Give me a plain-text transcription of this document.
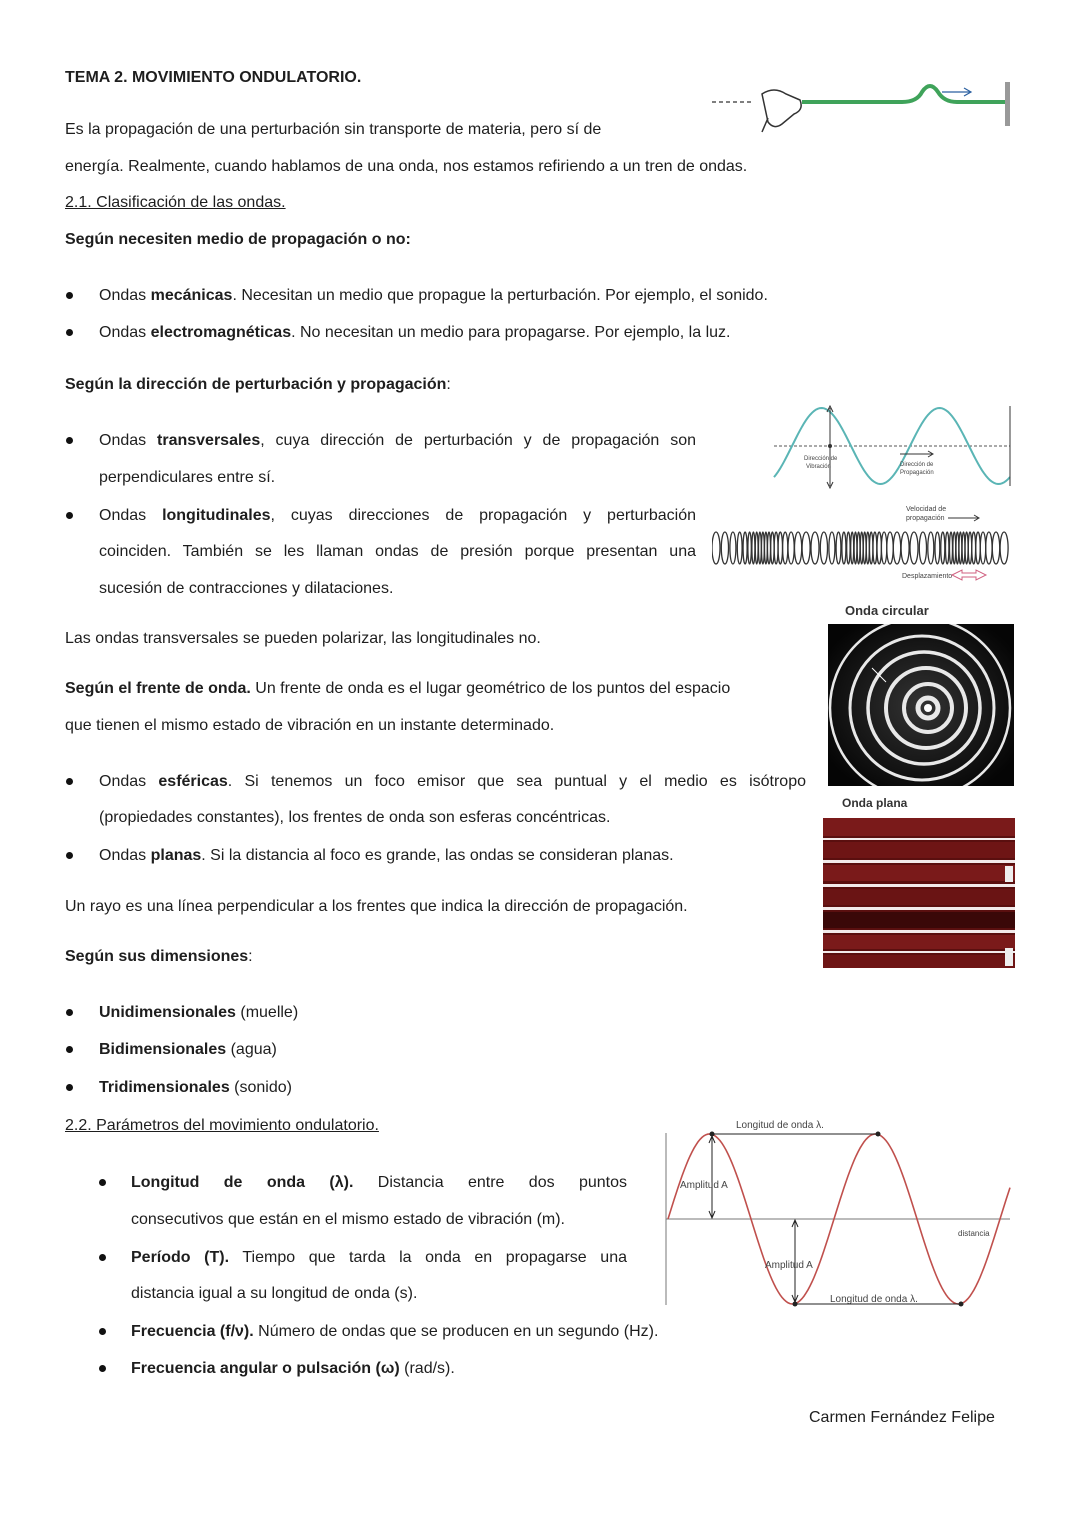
TEMA 2. MOVIMIENTO ONDULATORIO.
Es la propagación de una perturbación sin transporte de materia, pero sí de
energía. Realmente, cuando hablamos de una onda, nos estamos refiriendo a un tren de ondas.
2.1. Clasificación de las ondas.
Según necesiten medio de propagación o no:
Ondas mecánicas. Necesitan un medio que propague la perturbación. Por ejemplo, el sonido.
Ondas electromagnéticas. No necesitan un medio para propagarse. Por ejemplo, la luz.
Según la dirección de perturbación y propagación:
Ondas transversales, cuya dirección de perturbación y de propagación son
perpendiculares entre sí.
Dirección de
Vibración	Dirección de
Propagación
Ondas longitudinales, cuyas direcciones de propagación y perturbación
coinciden. También se les llaman ondas de presión porque presentan una
sucesión de contracciones y dilataciones.
Velocidad de
propagación
Desplazamiento
Onda circular
Las ondas transversales se pueden polarizar, las longitudinales no.
Según el frente de onda. Un frente de onda es el lugar geométrico de los puntos del espacio
que tienen el mismo estado de vibración en un instante determinado.
Ondas esféricas. Si tenemos un foco emisor que sea puntual y el medio es isótropo
(propiedades constantes), los frentes de onda son esferas concéntricas.
Onda plana
Ondas planas. Si la distancia al foco es grande, las ondas se consideran planas.
Un rayo es una línea perpendicular a los frentes que indica la dirección de propagación.
Según sus dimensiones:
Unidimensionales (muelle)
Bidimensionales (agua)
Tridimensionales (sonido)
2.2. Parámetros del movimiento ondulatorio.
Longitud de onda (λ). Distancia entre dos puntos
consecutivos que están en el mismo estado de vibración (m).
Período (T). Tiempo que tarda la onda en propagarse una
distancia igual a su longitud de onda (s).
Frecuencia (f/ν). Número de ondas que se producen en un segundo (Hz).
Frecuencia angular o pulsación (ω) (rad/s).
Longitud de onda λ.
Longitud de onda λ.
Amplitud A
Amplitud A
distancia
Carmen Fernández Felipe
